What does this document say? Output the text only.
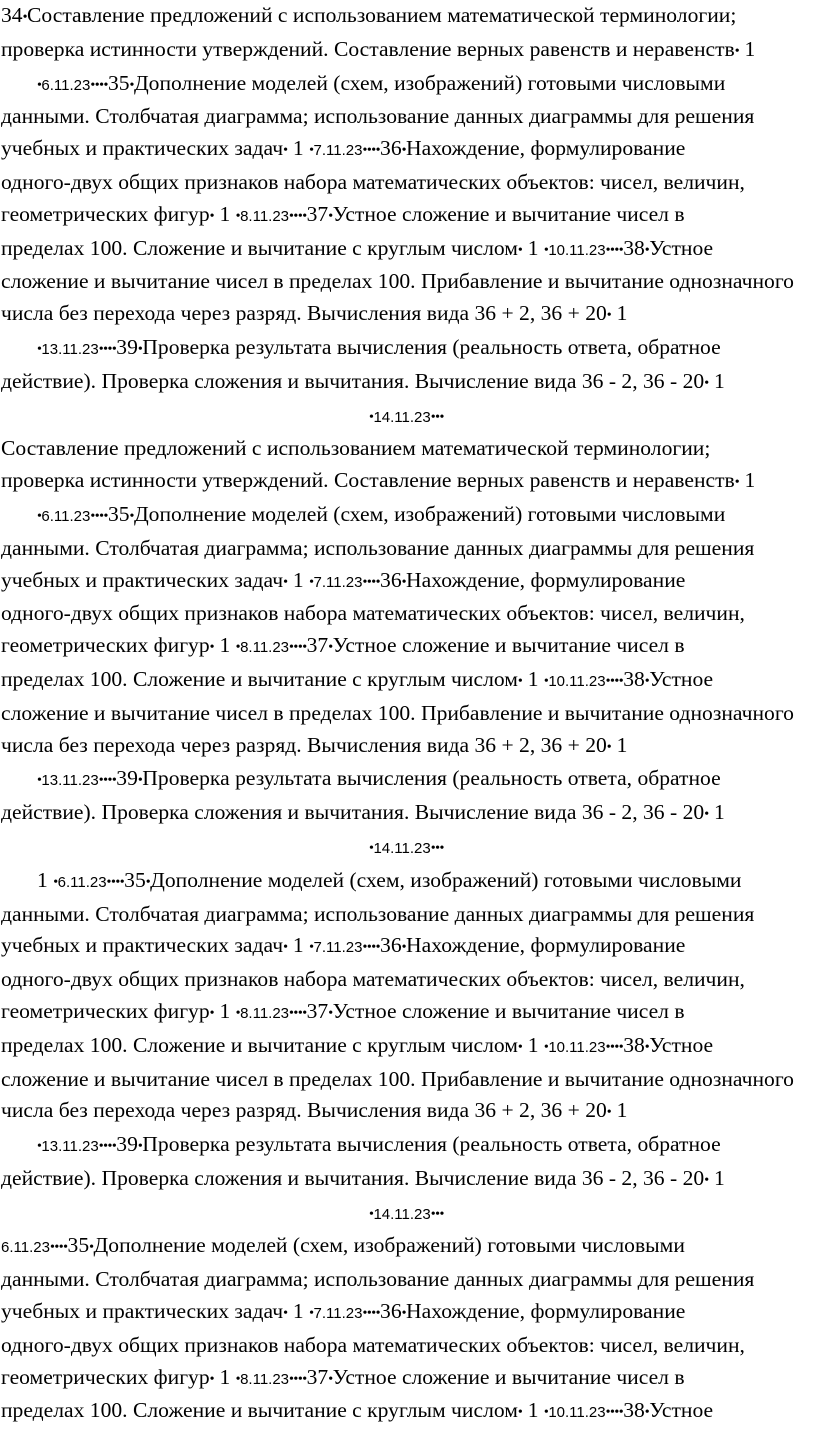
34•Составление предложений с использованием математической терминологии;
проверка истинности утверждений. Составление верных равенств и неравенств• 1
•6.11.23••••35•Дополнение моделей (схем, изображений) готовыми числовыми
данными. Столбчатая диаграмма; использование данных диаграммы для решения
учебных и практических задач• 1 •7.11.23••••36•Нахождение, формулирование
одного-двух общих признаков набора математических объектов: чисел, величин,
геометрических фигур• 1 •8.11.23••••37•Устное сложение и вычитание чисел в
пределах 100. Сложение и вычитание с круглым числом• 1 •10.11.23••••38•Устное
сложение и вычитание чисел в пределах 100. Прибавление и вычитание однозначного
числа без перехода через разряд. Вычисления вида 36 + 2, 36 + 20• 1
•13.11.23••••39•Проверка результата вычисления (реальность ответа, обратное
действие). Проверка сложения и вычитания. Вычисление вида 36 - 2, 36 - 20• 1
•14.11.23•••
Составление предложений с использованием математической терминологии;
проверка истинности утверждений. Составление верных равенств и неравенств• 1
•6.11.23••••35•Дополнение моделей (схем, изображений) готовыми числовыми
данными. Столбчатая диаграмма; использование данных диаграммы для решения
учебных и практических задач• 1 •7.11.23••••36•Нахождение, формулирование
одного-двух общих признаков набора математических объектов: чисел, величин,
геометрических фигур• 1 •8.11.23••••37•Устное сложение и вычитание чисел в
пределах 100. Сложение и вычитание с круглым числом• 1 •10.11.23••••38•Устное
сложение и вычитание чисел в пределах 100. Прибавление и вычитание однозначного
числа без перехода через разряд. Вычисления вида 36 + 2, 36 + 20• 1
•13.11.23••••39•Проверка результата вычисления (реальность ответа, обратное
действие). Проверка сложения и вычитания. Вычисление вида 36 - 2, 36 - 20• 1
•14.11.23•••
1 •6.11.23••••35•Дополнение моделей (схем, изображений) готовыми числовыми
данными. Столбчатая диаграмма; использование данных диаграммы для решения
учебных и практических задач• 1 •7.11.23••••36•Нахождение, формулирование
одного-двух общих признаков набора математических объектов: чисел, величин,
геометрических фигур• 1 •8.11.23••••37•Устное сложение и вычитание чисел в
пределах 100. Сложение и вычитание с круглым числом• 1 •10.11.23••••38•Устное
сложение и вычитание чисел в пределах 100. Прибавление и вычитание однозначного
числа без перехода через разряд. Вычисления вида 36 + 2, 36 + 20• 1
•13.11.23••••39•Проверка результата вычисления (реальность ответа, обратное
действие). Проверка сложения и вычитания. Вычисление вида 36 - 2, 36 - 20• 1
•14.11.23•••
6.11.23••••35•Дополнение моделей (схем, изображений) готовыми числовыми
данными. Столбчатая диаграмма; использование данных диаграммы для решения
учебных и практических задач• 1 •7.11.23••••36•Нахождение, формулирование
одного-двух общих признаков набора математических объектов: чисел, величин,
геометрических фигур• 1 •8.11.23••••37•Устное сложение и вычитание чисел в
пределах 100. Сложение и вычитание с круглым числом• 1 •10.11.23••••38•Устное
